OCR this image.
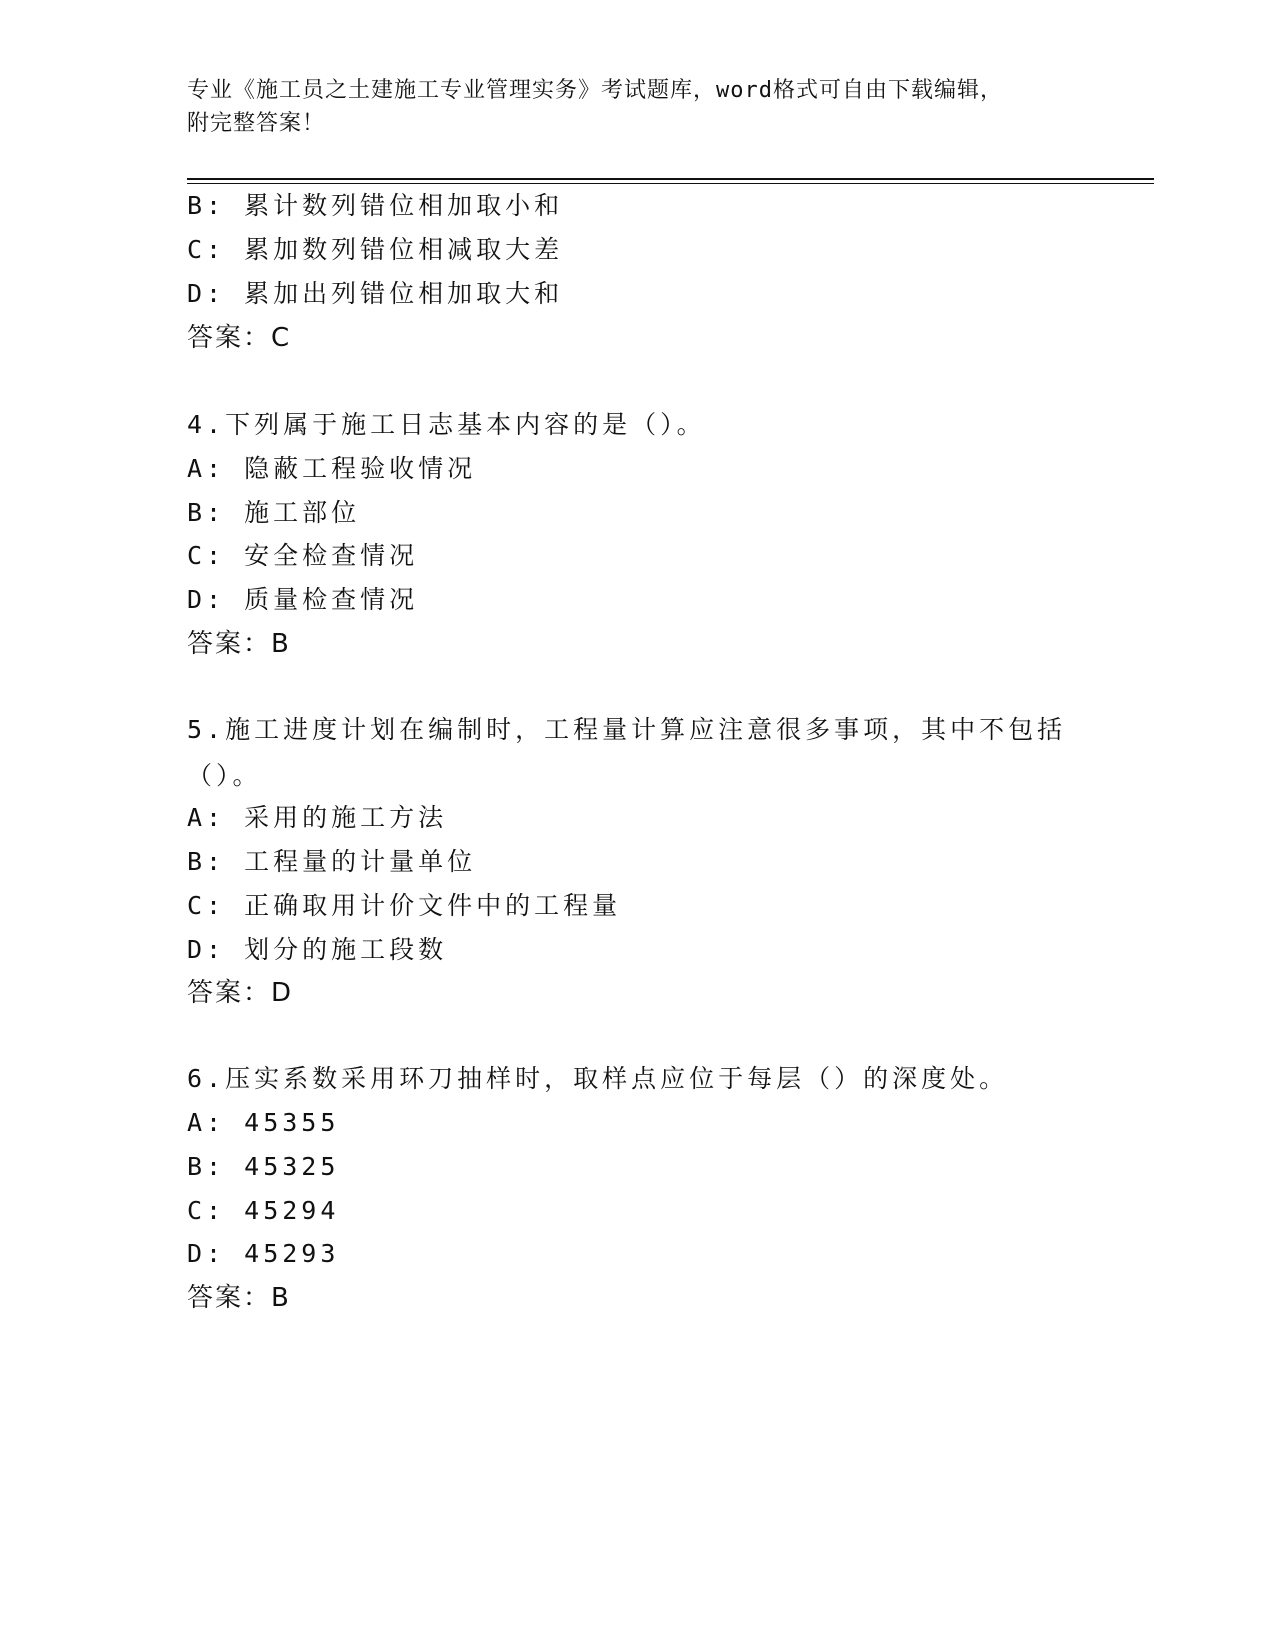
专业《施工员之土建施工专业管理实务》考试题库，word格式可自由下载编辑，
附完整答案！
B: 累计数列错位相加取小和
C: 累加数列错位相减取大差
D: 累加出列错位相加取大和
答案：C
4.下列属于施工日志基本内容的是（）。
A: 隐蔽工程验收情况
B: 施工部位
C: 安全检查情况
D: 质量检查情况
答案：B
5.施工进度计划在编制时，工程量计算应注意很多事项，其中不包括（）。
A: 采用的施工方法
B: 工程量的计量单位
C: 正确取用计价文件中的工程量
D: 划分的施工段数
答案：D
6.压实系数采用环刀抽样时，取样点应位于每层（）的深度处。
A: 45355
B: 45325
C: 45294
D: 45293
答案：B
